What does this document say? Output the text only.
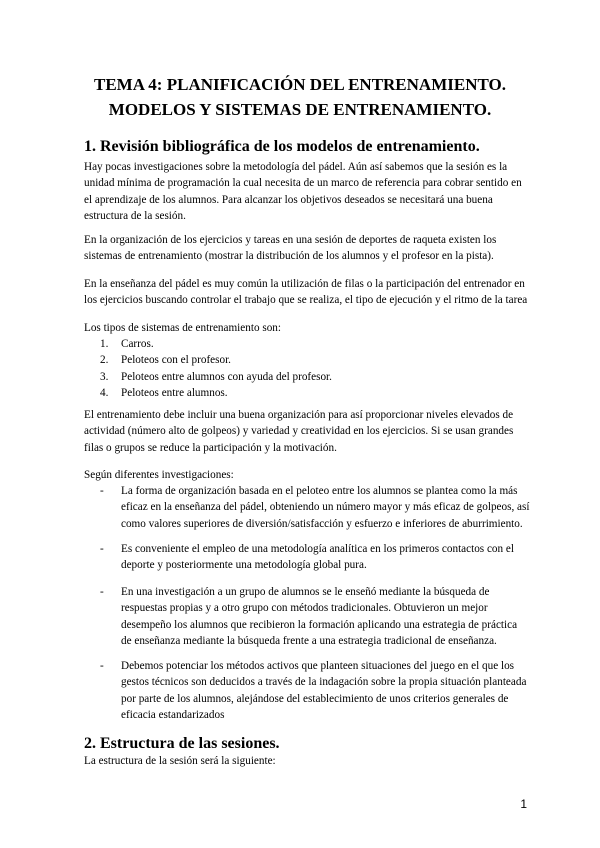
TEMA 4: PLANIFICACIÓN DEL ENTRENAMIENTO.
MODELOS Y SISTEMAS DE ENTRENAMIENTO.
1. Revisión bibliográfica de los modelos de entrenamiento.
Hay pocas investigaciones sobre la metodología del pádel. Aún así sabemos que la sesión es la
unidad mínima de programación la cual necesita de un marco de referencia para cobrar sentido en
el aprendizaje de los alumnos. Para alcanzar los objetivos deseados se necesitará una buena
estructura de la sesión.
En la organización de los ejercicios y tareas en una sesión de deportes de raqueta existen los
sistemas de entrenamiento (mostrar la distribución de los alumnos y el profesor en la pista).
En la enseñanza del pádel es muy común la utilización de filas o la participación del entrenador en
los ejercicios buscando controlar el trabajo que se realiza, el tipo de ejecución y el ritmo de la tarea
Los tipos de sistemas de entrenamiento son:
1.	Carros.
2.	Peloteos con el profesor.
3.	Peloteos entre alumnos con ayuda del profesor.
4.	Peloteos entre alumnos.
El entrenamiento debe incluir una buena organización para así proporcionar niveles elevados de
actividad (número alto de golpeos) y variedad y creatividad en los ejercicios. Si se usan grandes
filas o grupos se reduce la participación y la motivación.
Según diferentes investigaciones:
- La forma de organización basada en el peloteo entre los alumnos se plantea como la más
eficaz en la enseñanza del pádel, obteniendo un número mayor y más eficaz de golpeos, así
como valores superiores de diversión/satisfacción y esfuerzo e inferiores de aburrimiento.
- Es conveniente el empleo de una metodología analítica en los primeros contactos con el
deporte y posteriormente una metodología global pura.
- En una investigación a un grupo de alumnos se le enseñó mediante la búsqueda de
respuestas propias y a otro grupo con métodos tradicionales. Obtuvieron un mejor
desempeño los alumnos que recibieron la formación aplicando una estrategia de práctica
de enseñanza mediante la búsqueda frente a una estrategia tradicional de enseñanza.
- Debemos potenciar los métodos activos que planteen situaciones del juego en el que los
gestos técnicos son deducidos a través de la indagación sobre la propia situación planteada
por parte de los alumnos, alejándose del establecimiento de unos criterios generales de
eficacia estandarizados
2. Estructura de las sesiones.
La estructura de la sesión será la siguiente:
1
